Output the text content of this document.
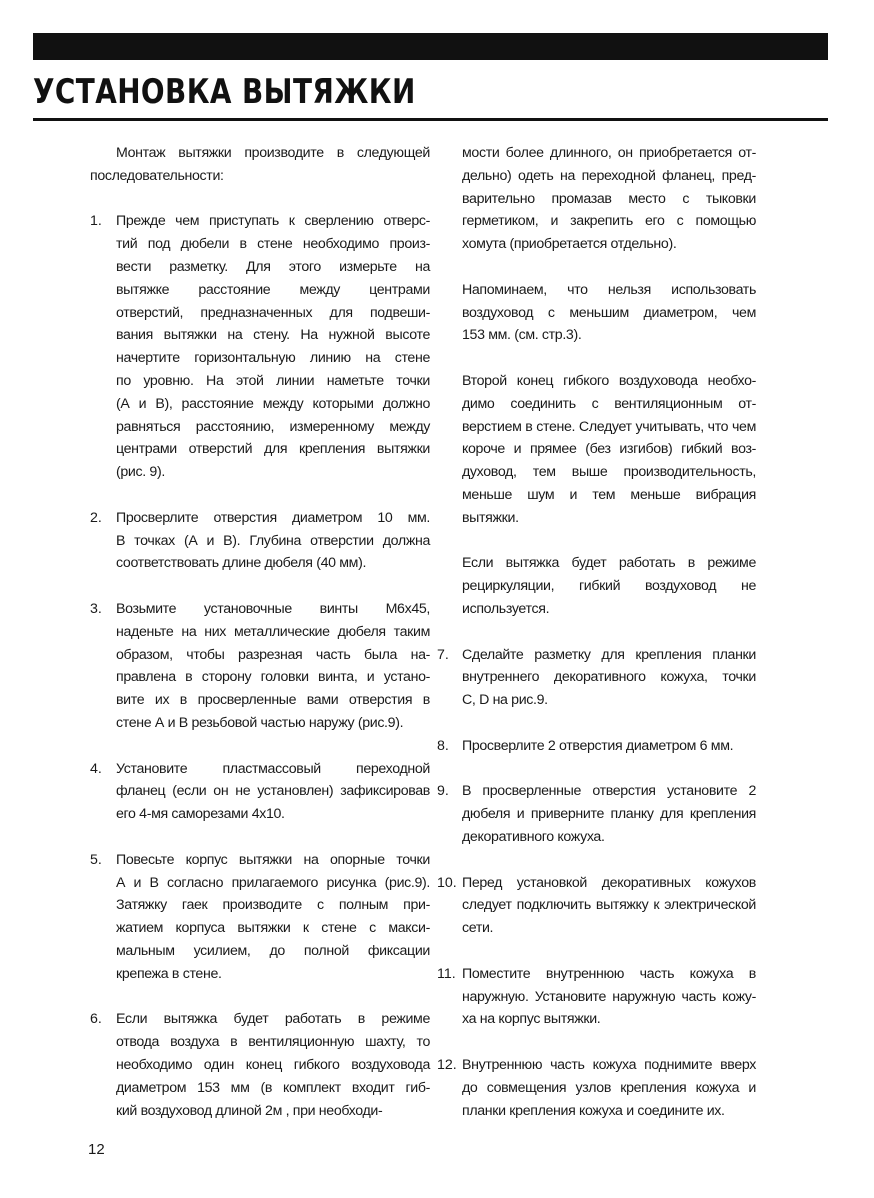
УСТАНОВКА ВЫТЯЖКИ
Монтаж вытяжки производите в следующей
последовательности:
1. Прежде чем приступать к сверлению отверс-
тий под дюбели в стене необходимо произ-
вести разметку. Для этого измерьте на
вытяжке расстояние между центрами
отверстий, предназначенных для подвеши-
вания вытяжки на стену. На нужной высоте
начертите горизонтальную линию на стене
по уровню. На этой линии наметьте точки
(А и В), расстояние между которыми должно
равняться расстоянию, измеренному между
центрами отверстий для крепления вытяжки
(рис. 9).
2. Просверлите отверстия диаметром 10 мм.
В точках (А и В). Глубина отверстии должна
соответствовать длине дюбеля (40 мм).
3. Возьмите установочные винты М6х45,
наденьте на них металлические дюбеля таким
образом, чтобы разрезная часть была на-
правлена в сторону головки винта, и устано-
вите их в просверленные вами отверстия в
стене А и В резьбовой частью наружу (рис.9).
4. Установите пластмассовый переходной
фланец (если он не установлен) зафиксировав
его 4-мя саморезами 4х10.
5. Повесьте корпус вытяжки на опорные точки
А и В согласно прилагаемого рисунка (рис.9).
Затяжку гаек производите с полным при-
жатием корпуса вытяжки к стене с макси-
мальным усилием, до полной фиксации
крепежа в стене.
6. Если вытяжка будет работать в режиме
отвода воздуха в вентиляционную шахту, то
необходимо один конец гибкого воздуховода
диаметром 153 мм (в комплект входит гиб-
кий воздуховод длиной 2м , при необходи-
мости более длинного, он приобретается от-
дельно) одеть на переходной фланец, пред-
варительно промазав место с тыковки
герметиком, и закрепить его с помощью
хомута (приобретается отдельно).
Напоминаем, что нельзя использовать
воздуховод с меньшим диаметром, чем
153 мм. (см. стр.3).
Второй конец гибкого воздуховода необхо-
димо соединить с вентиляционным от-
верстием в стене. Следует учитывать, что чем
короче и прямее (без изгибов) гибкий воз-
духовод, тем выше производительность,
меньше шум и тем меньше вибрация
вытяжки.
Если вытяжка будет работать в режиме
рециркуляции, гибкий воздуховод не
используется.
7. Сделайте разметку для крепления планки
внутреннего декоративного кожуха, точки
С, D на рис.9.
8. Просверлите 2 отверстия диаметром 6 мм.
9. В просверленные отверстия установите 2
дюбеля и приверните планку для крепления
декоративного кожуха.
10. Перед установкой декоративных кожухов
следует подключить вытяжку к электрической
сети.
11. Поместите внутреннюю часть кожуха в
наружную. Установите наружную часть кожу-
ха на корпус вытяжки.
12. Внутреннюю часть кожуха поднимите вверх
до совмещения узлов крепления кожуха и
планки крепления кожуха и соедините их.
12
